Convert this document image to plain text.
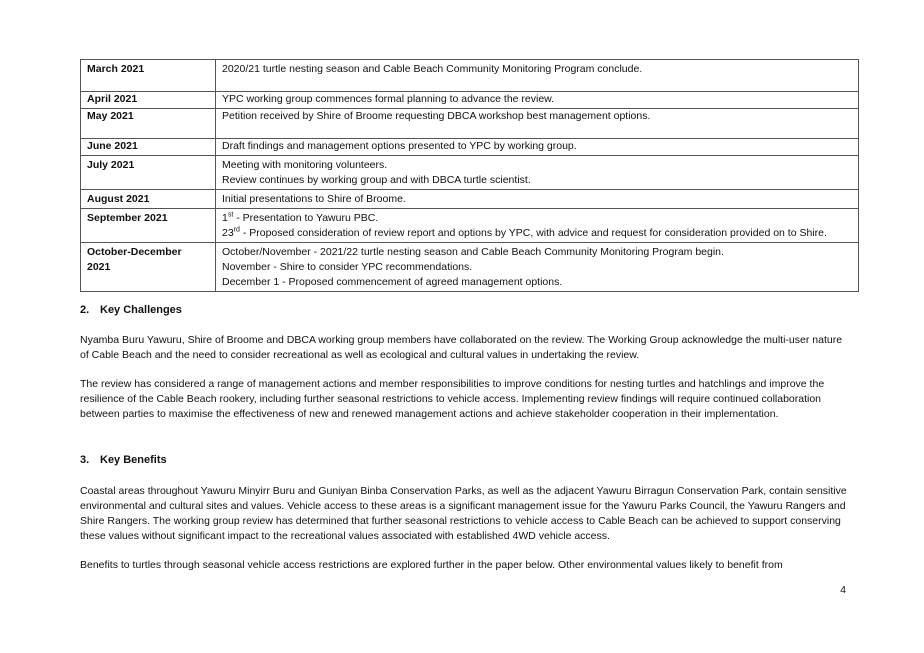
March 2021	2020/21 turtle nesting season and Cable Beach Community Monitoring Program conclude.

April 2021	YPC working group commences formal planning to advance the review.

May 2021	Petition received by Shire of Broome requesting DBCA workshop best management options.

June 2021	Draft findings and management options presented to YPC by working group.

July 2021	Meeting with monitoring volunteers.
Review continues by working group and with DBCA turtle scientist.

August 2021	Initial presentations to Shire of Broome.

September 2021	1st - Presentation to Yawuru PBC.
23rd - Proposed consideration of review report and options by YPC, with advice and request for consideration provided on to Shire.

October-December
2021	October/November - 2021/22 turtle nesting season and Cable Beach Community Monitoring Program begin.
November - Shire to consider YPC recommendations.
December 1 - Proposed commencement of agreed management options.
2. Key Challenges

Nyamba Buru Yawuru, Shire of Broome and DBCA working group members have collaborated on the review. The Working Group acknowledge the multi-user nature of Cable Beach and the need to consider recreational as well as ecological and cultural values in undertaking the review.

The review has considered a range of management actions and member responsibilities to improve conditions for nesting turtles and hatchlings and improve the resilience of the Cable Beach rookery, including further seasonal restrictions to vehicle access. Implementing review findings will require continued collaboration between parties to maximise the effectiveness of new and renewed management actions and achieve stakeholder cooperation in their implementation.

3. Key Benefits

Coastal areas throughout Yawuru Minyirr Buru and Guniyan Binba Conservation Parks, as well as the adjacent Yawuru Birragun Conservation Park, contain sensitive environmental and cultural sites and values. Vehicle access to these areas is a significant management issue for the Yawuru Parks Council, the Yawuru Rangers and Shire Rangers. The working group review has determined that further seasonal restrictions to vehicle access to Cable Beach can be achieved to support conserving these values without significant impact to the recreational values associated with established 4WD vehicle access.

Benefits to turtles through seasonal vehicle access restrictions are explored further in the paper below. Other environmental values likely to benefit from

4
